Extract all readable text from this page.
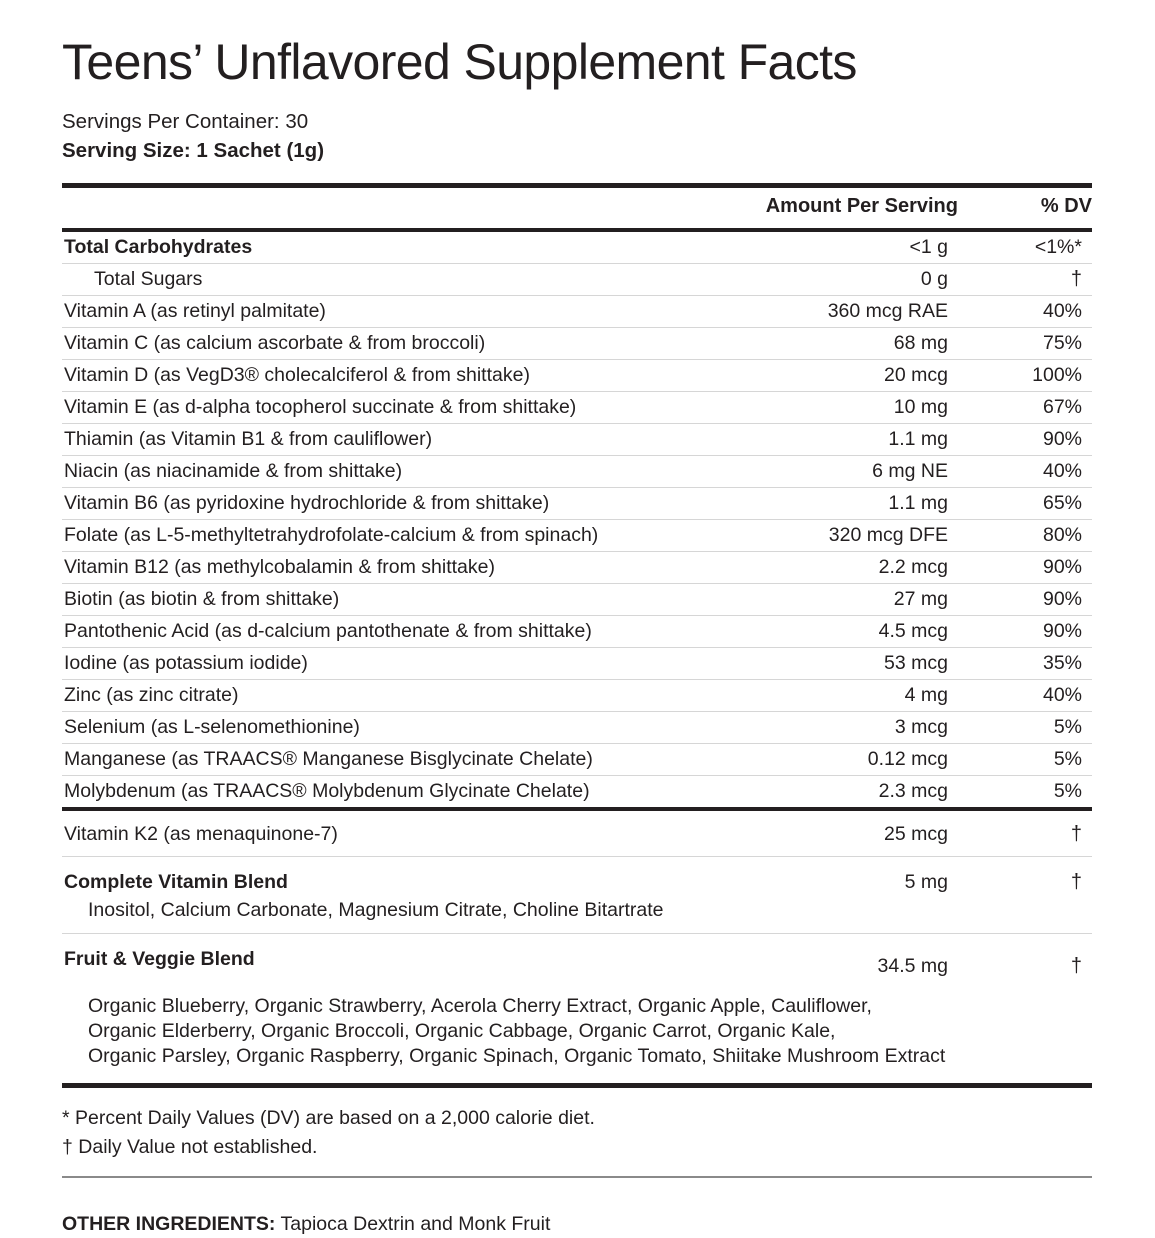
Teens’ Unflavored Supplement Facts
Servings Per Container: 30
Serving Size: 1 Sachet (1g)
	Amount Per Serving	% DV
Total Carbohydrates	<1 g	<1%*
Total Sugars	0 g	†
Vitamin A (as retinyl palmitate)	360 mcg RAE	40%
Vitamin C (as calcium ascorbate & from broccoli)	68 mg	75%
Vitamin D (as VegD3® cholecalciferol & from shittake)	20 mcg	100%
Vitamin E (as d-alpha tocopherol succinate & from shittake)	10 mg	67%
Thiamin (as Vitamin B1 & from cauliflower)	1.1 mg	90%
Niacin (as niacinamide & from shittake)	6 mg NE	40%
Vitamin B6 (as pyridoxine hydrochloride & from shittake)	1.1 mg	65%
Folate (as L-5-methyltetrahydrofolate-calcium & from spinach)	320 mcg DFE	80%
Vitamin B12 (as methylcobalamin & from shittake)	2.2 mcg	90%
Biotin (as biotin & from shittake)	27 mg	90%
Pantothenic Acid (as d-calcium pantothenate & from shittake)	4.5 mcg	90%
Iodine (as potassium iodide)	53 mcg	35%
Zinc (as zinc citrate)	4 mg	40%
Selenium (as L-selenomethionine)	3 mcg	5%
Manganese (as TRAACS® Manganese Bisglycinate Chelate)	0.12 mcg	5%
Molybdenum (as TRAACS® Molybdenum Glycinate Chelate)	2.3 mcg	5%
Vitamin K2 (as menaquinone-7)	25 mcg	†
Complete Vitamin Blend	5 mg	†
Inositol, Calcium Carbonate, Magnesium Citrate, Choline Bitartrate
Fruit & Veggie Blend	34.5 mg	†
Organic Blueberry, Organic Strawberry, Acerola Cherry Extract, Organic Apple, Cauliflower,
Organic Elderberry, Organic Broccoli, Organic Cabbage, Organic Carrot, Organic Kale,
Organic Parsley, Organic Raspberry, Organic Spinach, Organic Tomato, Shiitake Mushroom Extract
* Percent Daily Values (DV) are based on a 2,000 calorie diet.
† Daily Value not established.
OTHER INGREDIENTS: Tapioca Dextrin and Monk Fruit
